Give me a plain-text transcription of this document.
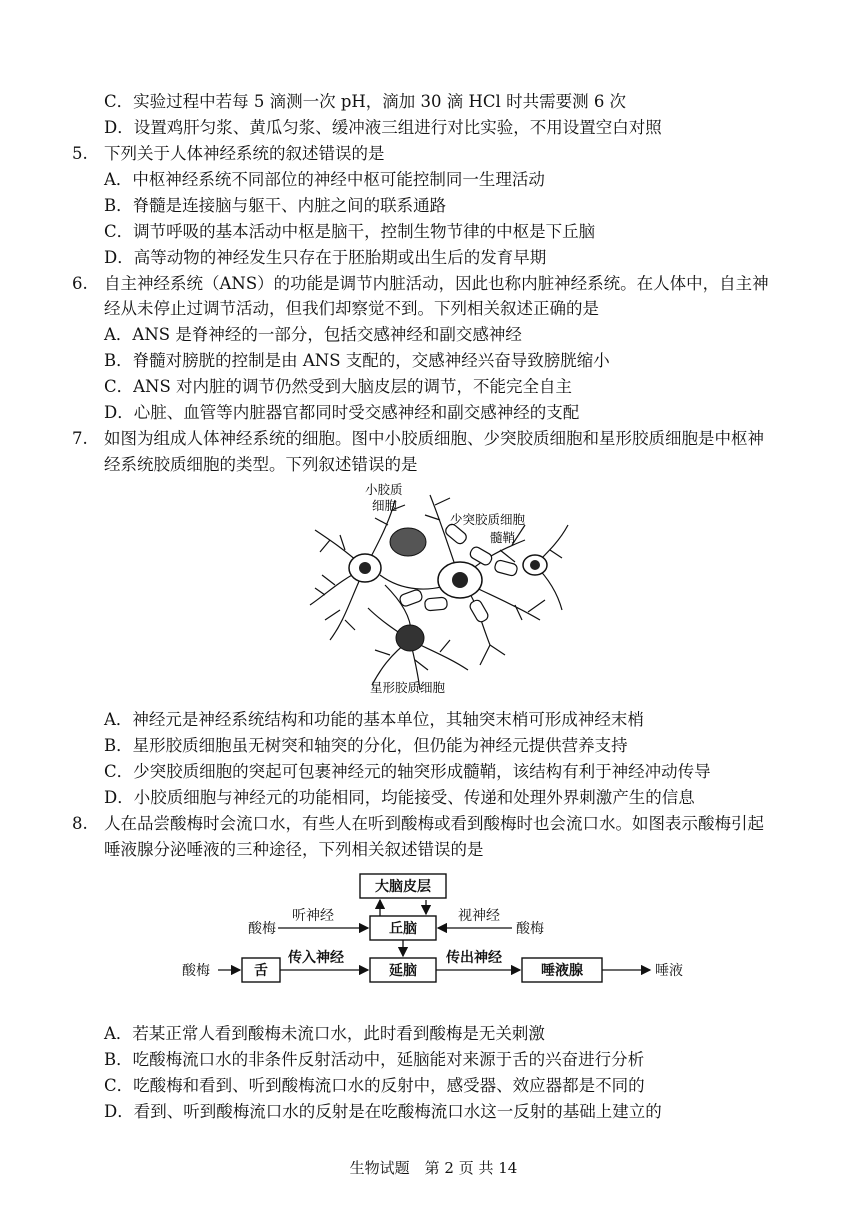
C．实验过程中若每 5 滴测一次 pH，滴加 30 滴 HCl 时共需要测 6 次
D．设置鸡肝匀浆、黄瓜匀浆、缓冲液三组进行对比实验，不用设置空白对照
5. 下列关于人体神经系统的叙述错误的是
A．中枢神经系统不同部位的神经中枢可能控制同一生理活动
B．脊髓是连接脑与躯干、内脏之间的联系通路
C．调节呼吸的基本活动中枢是脑干，控制生物节律的中枢是下丘脑
D．高等动物的神经发生只存在于胚胎期或出生后的发育早期
6. 自主神经系统（ANS）的功能是调节内脏活动，因此也称内脏神经系统。在人体中，自主神
经从未停止过调节活动，但我们却察觉不到。下列相关叙述正确的是
A．ANS 是脊神经的一部分，包括交感神经和副交感神经
B．脊髓对膀胱的控制是由 ANS 支配的，交感神经兴奋导致膀胱缩小
C．ANS 对内脏的调节仍然受到大脑皮层的调节，不能完全自主
D．心脏、血管等内脏器官都同时受交感神经和副交感神经的支配
7. 如图为组成人体神经系统的细胞。图中小胶质细胞、少突胶质细胞和星形胶质细胞是中枢神
经系统胶质细胞的类型。下列叙述错误的是
小胶质
细胞
少突胶质细胞
髓鞘
星形胶质细胞
A．神经元是神经系统结构和功能的基本单位，其轴突末梢可形成神经末梢
B．星形胶质细胞虽无树突和轴突的分化，但仍能为神经元提供营养支持
C．少突胶质细胞的突起可包裹神经元的轴突形成髓鞘，该结构有利于神经冲动传导
D．小胶质细胞与神经元的功能相同，均能接受、传递和处理外界刺激产生的信息
8. 人在品尝酸梅时会流口水，有些人在听到酸梅或看到酸梅时也会流口水。如图表示酸梅引起
唾液腺分泌唾液的三种途径，下列相关叙述错误的是
大脑皮层
丘脑
延脑
舌	唾液腺	唾液
酸梅	酸梅
酸梅
听神经	视神经
传入神经	传出神经
A．若某正常人看到酸梅未流口水，此时看到酸梅是无关刺激
B．吃酸梅流口水的非条件反射活动中，延脑能对来源于舌的兴奋进行分析
C．吃酸梅和看到、听到酸梅流口水的反射中，感受器、效应器都是不同的
D．看到、听到酸梅流口水的反射是在吃酸梅流口水这一反射的基础上建立的
生物试题　第 2 页 共 14
